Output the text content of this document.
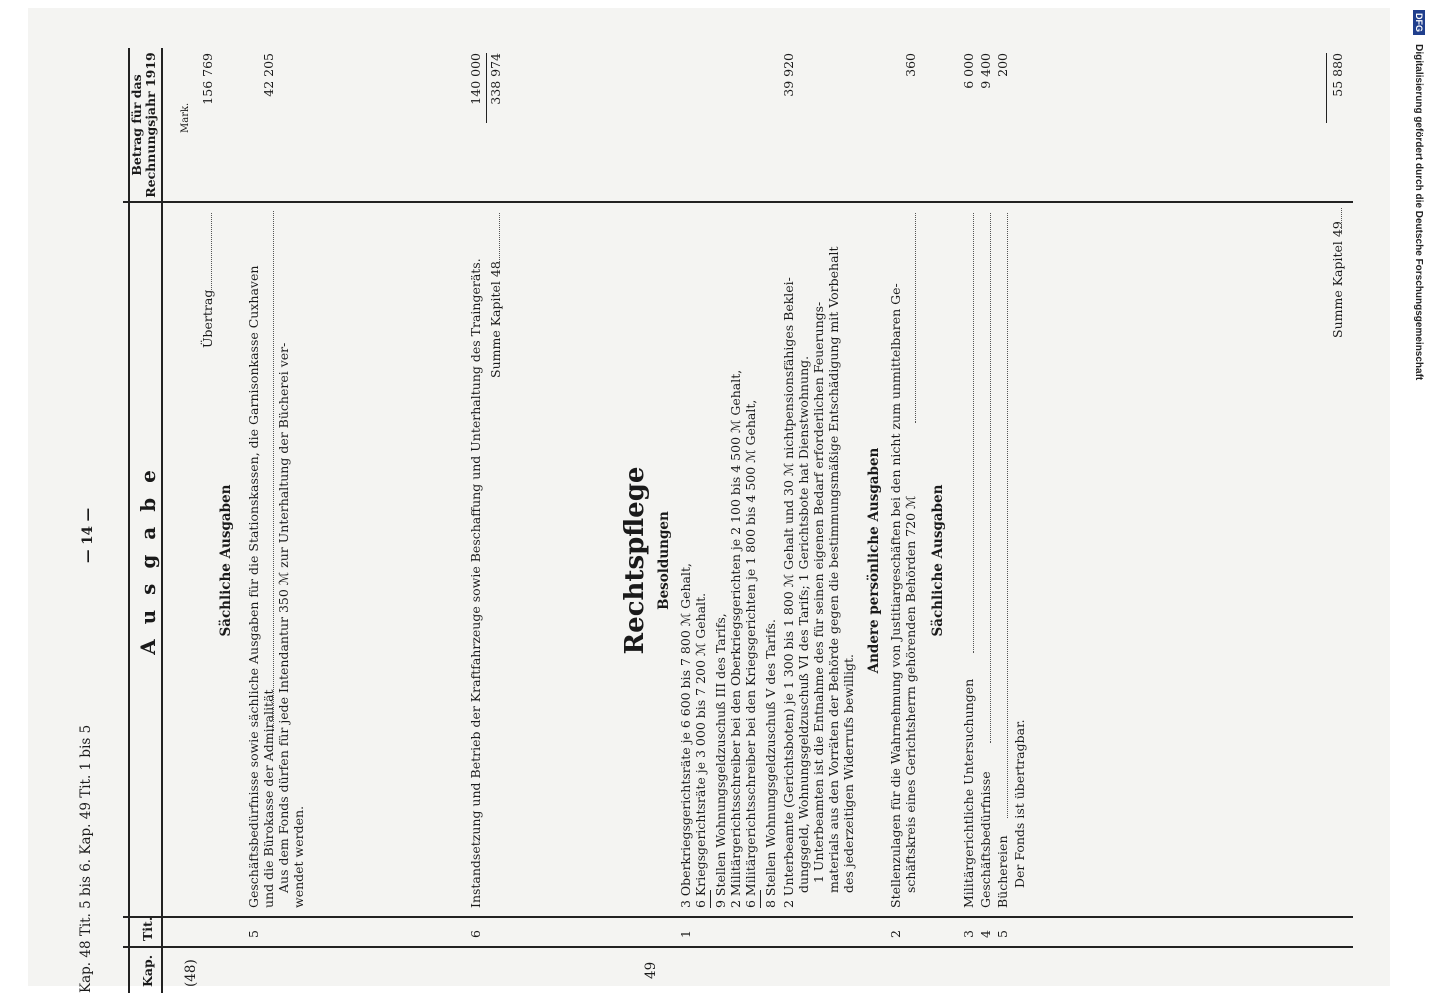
Kap. 48 Tit. 5 bis 6. Kap. 49 Tit. 1 bis 5
— 14 —
Kap.
Tit.
A u s g a b e
Betrag für das Rechnungsjahr 1919 Mark.
(48)
Sächliche Ausgaben
Übertrag
156 769
5
Geschäftsbedürfnisse sowie sächliche Ausgaben für die Stationskassen, die Garnisonkasse Cuxhaven und die Bürokasse der Admiralität
42 205
Aus dem Fonds dürfen für jede Intendantur 350 ℳ zur Unterhaltung der Bücherei ver- wendet werden.
6
Instandsetzung und Betrieb der Kraftfahrzeuge sowie Beschaffung und Unterhaltung des Traingeräts.
140 000
Summe Kapitel 48
338 974
49
Rechtspflege Besoldungen
1
3 Oberkriegsgerichtsräte je 6 600 bis 7 800 ℳ Gehalt, 6 Kriegsgerichtsräte je 3 000 bis 7 200 ℳ Gehalt. 9 Stellen Wohnungsgeldzuschuß III des Tarifs, 2 Militärgerichtsschreiber bei den Oberkriegsgerichten je 2 100 bis 4 500 ℳ Gehalt, 6 Militärgerichtsschreiber bei den Kriegsgerichten je 1 800 bis 4 500 ℳ Gehalt, 8 Stellen Wohnungsgeldzuschuß V des Tarifs. 2 Unterbeamte (Gerichtsboten) je 1 300 bis 1 800 ℳ Gehalt und 30 ℳ nichtpensionsfähiges Beklei- dungsgeld, Wohnungsgeldzuschuß VI des Tarifs; 1 Gerichtsbote hat Dienstwohnung. 1 Unterbeamten ist die Entnahme des für seinen eigenen Bedarf erforderlichen Feuerungs- materials aus den Vorräten der Behörde gegen die bestimmungsmäßige Entschädigung mit Vorbehalt des jederzeitigen Widerrufs bewilligt.
39 920
Andere persönliche Ausgaben
2
Stellenzulagen für die Wahrnehmung von Justitiargeschäften bei den nicht zum unmittelbaren Ge- schäftskreis eines Gerichtsherrn gehörenden Behörden 720 ℳ
360
Sächliche Ausgaben
3
Militärgerichtliche Untersuchungen
6 000
4
Geschäftsbedürfnisse
9 400
5
Büchereien
200
Der Fonds ist übertragbar.
Summe Kapitel 49
55 880
DFG Digitalisierung gefördert durch die Deutsche Forschungsgemeinschaft
